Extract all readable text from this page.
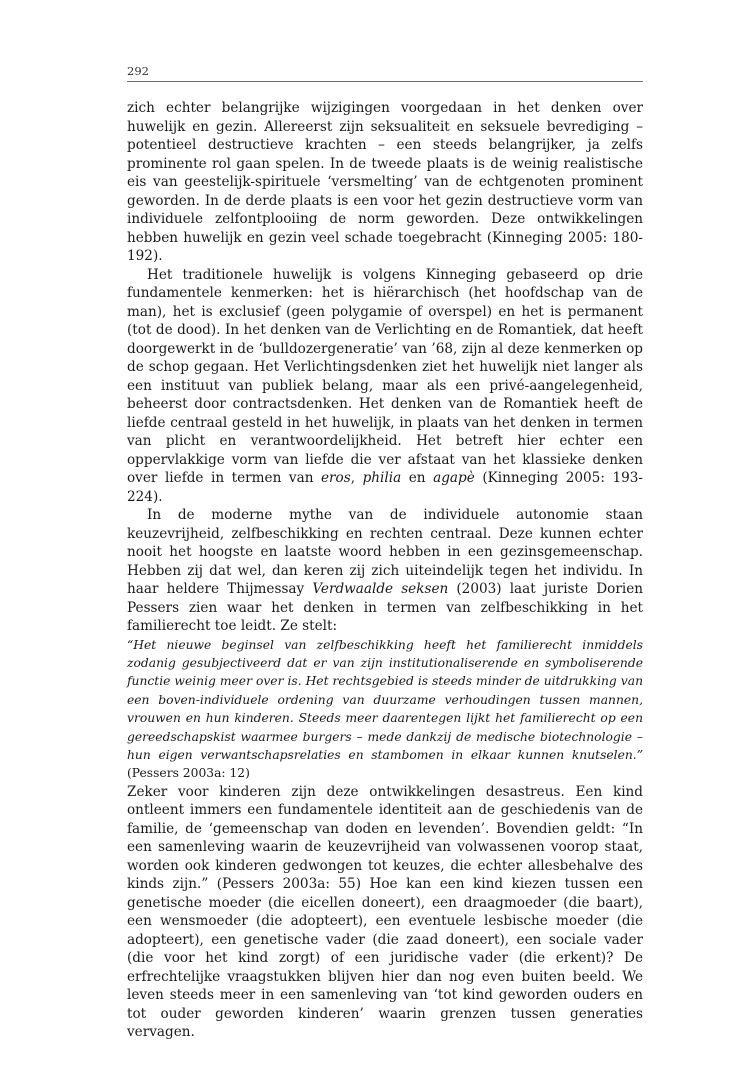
292

zich echter belangrijke wijzigingen voorgedaan in het denken over huwelijk en gezin. Allereerst zijn seksualiteit en seksuele bevrediging – potentieel destructieve krachten – een steeds belangrijker, ja zelfs prominente rol gaan spelen. In de tweede plaats is de weinig realistische eis van geestelijk-spirituele ‘versmelting’ van de echtgenoten prominent geworden. In de derde plaats is een voor het gezin destructieve vorm van individuele zelfontplooiing de norm geworden. Deze ontwikkelingen hebben huwelijk en gezin veel schade toegebracht (Kinneging 2005: 180-192).

Het traditionele huwelijk is volgens Kinneging gebaseerd op drie fundamentele kenmerken: het is hiërarchisch (het hoofdschap van de man), het is exclusief (geen polygamie of overspel) en het is permanent (tot de dood). In het denken van de Verlichting en de Romantiek, dat heeft doorgewerkt in de ‘bulldozergeneratie’ van ’68, zijn al deze kenmerken op de schop gegaan. Het Verlichtingsdenken ziet het huwelijk niet langer als een instituut van publiek belang, maar als een privé-aangelegenheid, beheerst door contractsdenken. Het denken van de Romantiek heeft de liefde centraal gesteld in het huwelijk, in plaats van het denken in termen van plicht en verantwoordelijkheid. Het betreft hier echter een oppervlakkige vorm van liefde die ver afstaat van het klassieke denken over liefde in termen van eros, philia en agapè (Kinneging 2005: 193-224).

In de moderne mythe van de individuele autonomie staan keuzevrijheid, zelfbeschikking en rechten centraal. Deze kunnen echter nooit het hoogste en laatste woord hebben in een gezinsgemeenschap. Hebben zij dat wel, dan keren zij zich uiteindelijk tegen het individu. In haar heldere Thijmessay Verdwaalde seksen (2003) laat juriste Dorien Pessers zien waar het denken in termen van zelfbeschikking in het familierecht toe leidt. Ze stelt:

“Het nieuwe beginsel van zelfbeschikking heeft het familierecht inmiddels zodanig gesubjectiveerd dat er van zijn institutionaliserende en symboliserende functie weinig meer over is. Het rechtsgebied is steeds minder de uitdrukking van een boven-individuele ordening van duurzame verhoudingen tussen mannen, vrouwen en hun kinderen. Steeds meer daarentegen lijkt het familierecht op een gereedschapskist waarmee burgers – mede dankzij de medische biotechnologie – hun eigen verwantschapsrelaties en stambomen in elkaar kunnen knutselen.” (Pessers 2003a: 12)

Zeker voor kinderen zijn deze ontwikkelingen desastreus. Een kind ontleent immers een fundamentele identiteit aan de geschiedenis van de familie, de ‘gemeenschap van doden en levenden’. Bovendien geldt: “In een samenleving waarin de keuzevrijheid van volwassenen voorop staat, worden ook kinderen gedwongen tot keuzes, die echter allesbehalve des kinds zijn.” (Pessers 2003a: 55) Hoe kan een kind kiezen tussen een genetische moeder (die eicellen doneert), een draagmoeder (die baart), een wensmoeder (die adopteert), een eventuele lesbische moeder (die adopteert), een genetische vader (die zaad doneert), een sociale vader (die voor het kind zorgt) of een juridische vader (die erkent)? De erfrechtelijke vraagstukken blijven hier dan nog even buiten beeld. We leven steeds meer in een samenleving van ‘tot kind geworden ouders en tot ouder geworden kinderen’ waarin grenzen tussen generaties vervagen.
